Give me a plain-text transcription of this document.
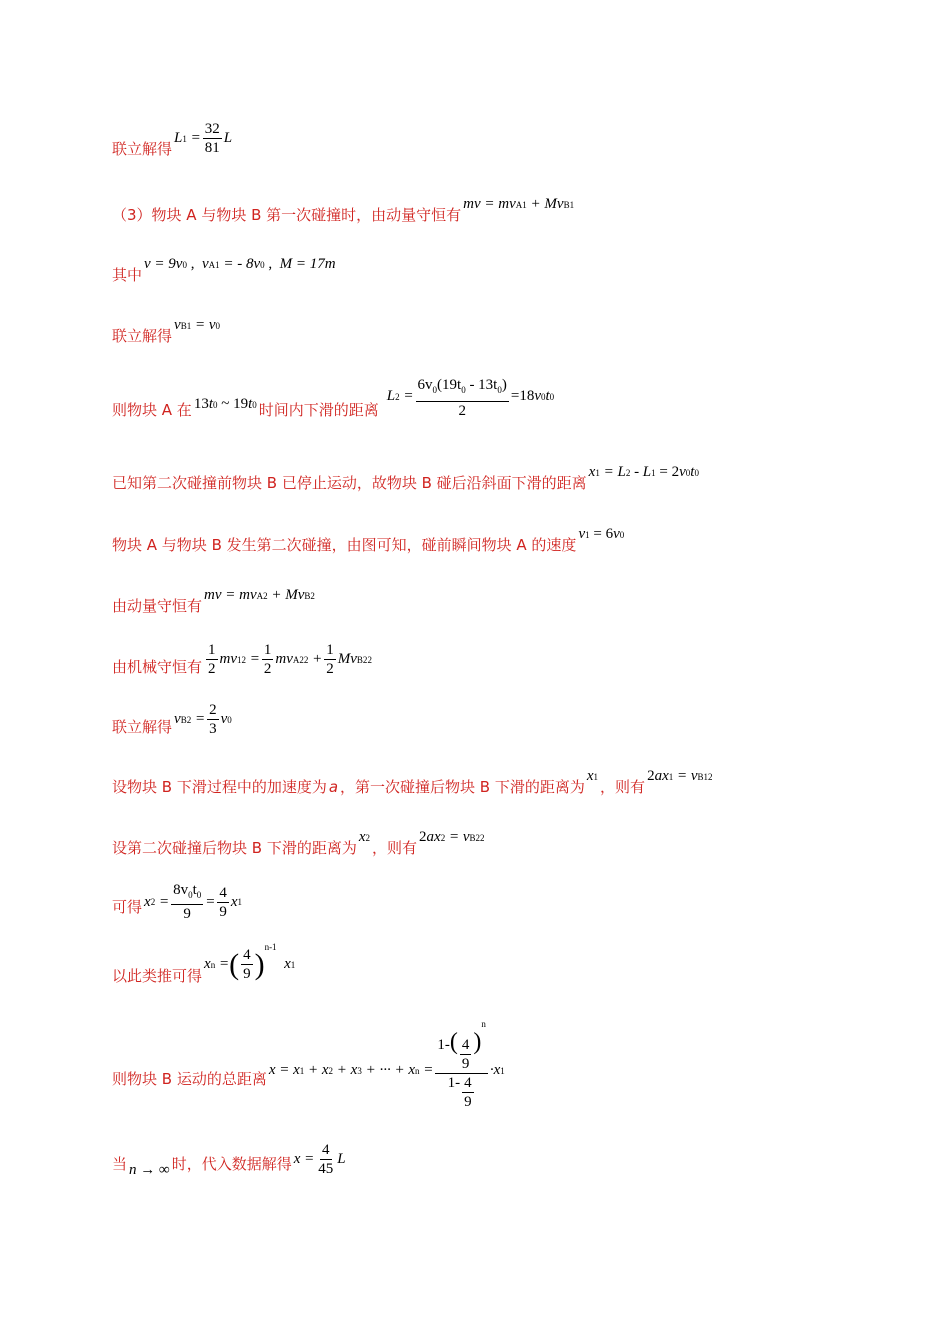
联立解得
L $1 = \frac{32}{81}$ L
（3）物块 A 与物块 B 第一次碰撞时，由动量守恒有
mv = mv A1
+ Mv B1
其中
v = 9v 0 , v A1
= - 8v 0 , M = 17m
联立解得
v B1
= v 0
则物块 A 在 13 t 0
~ 19 t 0 时间内下滑的距离
L $2 = \frac{6v_0(19t_0 - 13t_0)}{2} =18$ v 0 t 0
已知第二次碰撞前物块 B 已停止运动，故物块 B 碰后沿斜面下滑的距离
x 1 = L 2 - L 1
= 2 v 0 t 0
物块 A 与物块 B 发生第二次碰撞，由图可知，碰前瞬间物块 A 的速度
v 1
= 6 v 0
由动量守恒有
mv = mv A2
+ Mv B2
由机械守恒有 $\frac{1}{2}$ mv 1 $2 = \frac{1}{2}$ mv A2 $2 + \frac{1}{2}$ Mv B2 2
联立解得 v $B2 = \frac{2}{3}$ v 0
设物块 B 下滑过程中的加速度为 a ，第一次碰撞后物块 B 下滑的距离为
x 1
，则有
2 ax 1 = v B1 2
设第二次碰撞后物块 B 下滑的距离为
x 2
，则有
2 ax 2 = v B2 2
可得 x $2 = \frac{8v_0t_0}{9} = \frac{4}{9}$ x 1
以此类推可得
x n = ( $\frac{4}{9}$ )
$^{n-1}$
x 1
则物块 B 运动的总距离 x = x 1 + x 2 + x 3 + ··· + x $n = \frac{1-( \frac{4}{9} )^n}{1- \frac{4}{9}} \cdot x$ 1
当 n → ∞ 时，代入数据解得 $x = \frac{4}{45}$ L
